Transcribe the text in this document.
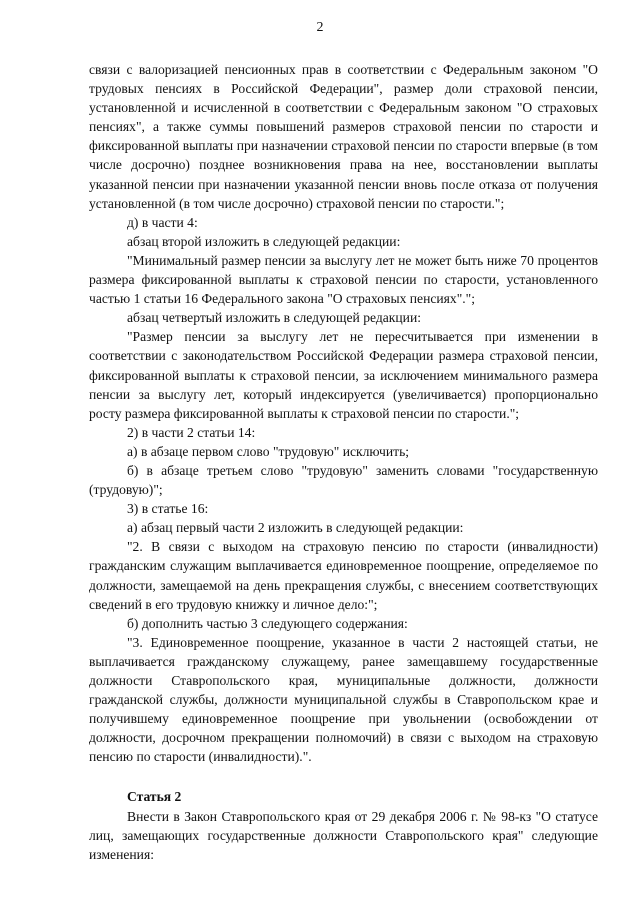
2

связи с валоризацией пенсионных прав в соответствии с Федеральным законом "О трудовых пенсиях в Российской Федерации", размер доли страховой пенсии, установленной и исчисленной в соответствии с Федеральным законом "О страховых пенсиях", а также суммы повышений размеров страховой пенсии по старости и фиксированной выплаты при назначении страховой пенсии по старости впервые (в том числе досрочно) позднее возникновения права на нее, восстановлении выплаты указанной пенсии при назначении указанной пенсии вновь после отказа от получения установленной (в том числе досрочно) страховой пенсии по старости.";

д) в части 4:

абзац второй изложить в следующей редакции:

"Минимальный размер пенсии за выслугу лет не может быть ниже 70 процентов размера фиксированной выплаты к страховой пенсии по старости, установленного частью 1 статьи 16 Федерального закона "О страховых пенсиях".";

абзац четвертый изложить в следующей редакции:

"Размер пенсии за выслугу лет не пересчитывается при изменении в соответствии с законодательством Российской Федерации размера страховой пенсии, фиксированной выплаты к страховой пенсии, за исключением минимального размера пенсии за выслугу лет, который индексируется (увеличивается) пропорционально росту размера фиксированной выплаты к страховой пенсии по старости.";

2) в части 2 статьи 14:

а) в абзаце первом слово "трудовую" исключить;

б) в абзаце третьем слово "трудовую" заменить словами "государственную (трудовую)";

3) в статье 16:

а) абзац первый части 2 изложить в следующей редакции:

"2. В связи с выходом на страховую пенсию по старости (инвалидности) гражданским служащим выплачивается единовременное поощрение, определяемое по должности, замещаемой на день прекращения службы, с внесением соответствующих сведений в его трудовую книжку и личное дело:";

б) дополнить частью 3 следующего содержания:

"3. Единовременное поощрение, указанное в части 2 настоящей статьи, не выплачивается гражданскому служащему, ранее замещавшему государственные должности Ставропольского края, муниципальные должности, должности гражданской службы, должности муниципальной службы в Ставропольском крае и получившему единовременное поощрение при увольнении (освобождении от должности, досрочном прекращении полномочий) в связи с выходом на страховую пенсию по старости (инвалидности).".

Статья 2

Внести в Закон Ставропольского края от 29 декабря 2006 г. № 98-кз "О статусе лиц, замещающих государственные должности Ставропольского края" следующие изменения:
